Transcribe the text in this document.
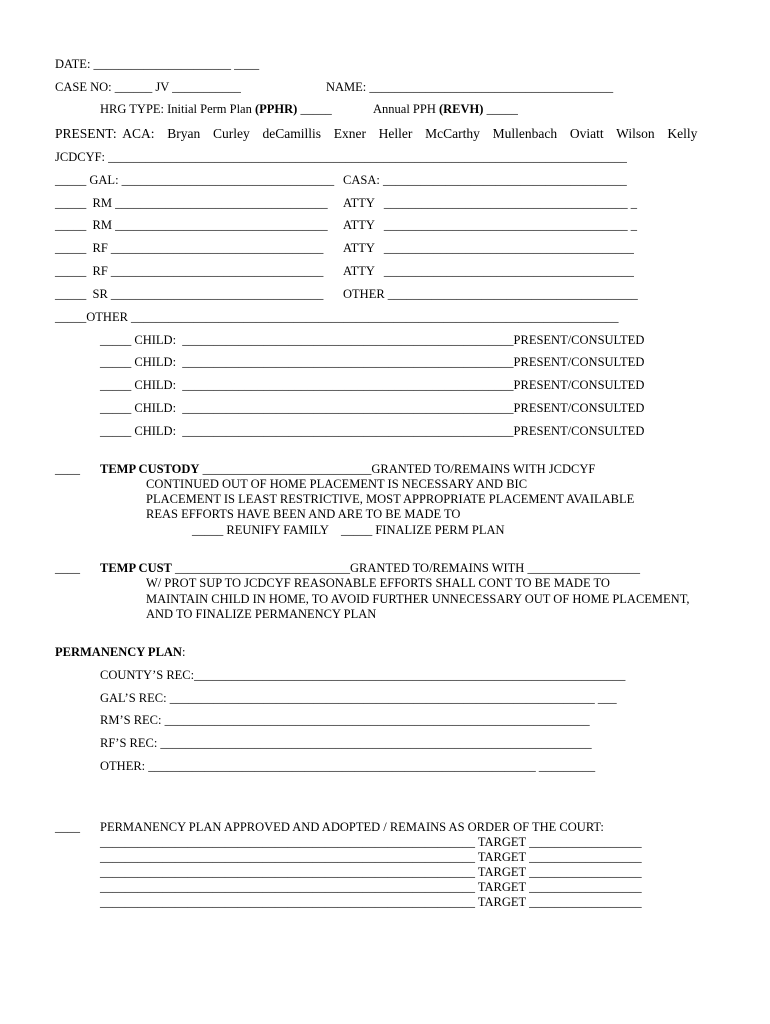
DATE: ______________________ ____
CASE NO: ______ JV ___________	NAME: _______________________________________
HRG TYPE: Initial Perm Plan (PPHR) _____	Annual PPH (REVH) _____
PRESENT: ACA:  Bryan  Curley  deCamillis  Exner  Heller  McCarthy  Mullenbach  Oviatt  Wilson  Kelly
JCDCYF: ___________________________________________________________________________________
_____ GAL: __________________________________ CASA: _______________________________________
_____  RM __________________________________ ATTY   _______________________________________ _
_____  RM __________________________________ ATTY   _______________________________________ _
_____  RF __________________________________ ATTY   ________________________________________
_____  RF __________________________________ ATTY   ________________________________________
_____  SR __________________________________ OTHER ________________________________________
_____OTHER ______________________________________________________________________________
_____ CHILD:  _____________________________________________________PRESENT/CONSULTED
_____ CHILD:  _____________________________________________________PRESENT/CONSULTED
_____ CHILD:  _____________________________________________________PRESENT/CONSULTED
_____ CHILD:  _____________________________________________________PRESENT/CONSULTED
_____ CHILD:  _____________________________________________________PRESENT/CONSULTED
____ TEMP CUSTODY ___________________________GRANTED TO/REMAINS WITH JCDCYF
CONTINUED OUT OF HOME PLACEMENT IS NECESSARY AND BIC
PLACEMENT IS LEAST RESTRICTIVE, MOST APPROPRIATE PLACEMENT AVAILABLE
REAS EFFORTS HAVE BEEN AND ARE TO BE MADE TO
_____ REUNIFY FAMILY    _____ FINALIZE PERM PLAN
____ TEMP CUST ____________________________GRANTED TO/REMAINS WITH __________________
W/ PROT SUP TO JCDCYF REASONABLE EFFORTS SHALL CONT TO BE MADE TO
MAINTAIN CHILD IN HOME, TO AVOID FURTHER UNNECESSARY OUT OF HOME PLACEMENT,
AND TO FINALIZE PERMANENCY PLAN
PERMANENCY PLAN:
COUNTY’S REC:_____________________________________________________________________
GAL’S REC: ____________________________________________________________________ ___
RM’S REC: ____________________________________________________________________
RF’S REC: _____________________________________________________________________
OTHER: ______________________________________________________________ _________
____ PERMANENCY PLAN APPROVED AND ADOPTED / REMAINS AS ORDER OF THE COURT:
____________________________________________________________ TARGET __________________
____________________________________________________________ TARGET __________________
____________________________________________________________ TARGET __________________
____________________________________________________________ TARGET __________________
____________________________________________________________ TARGET __________________
